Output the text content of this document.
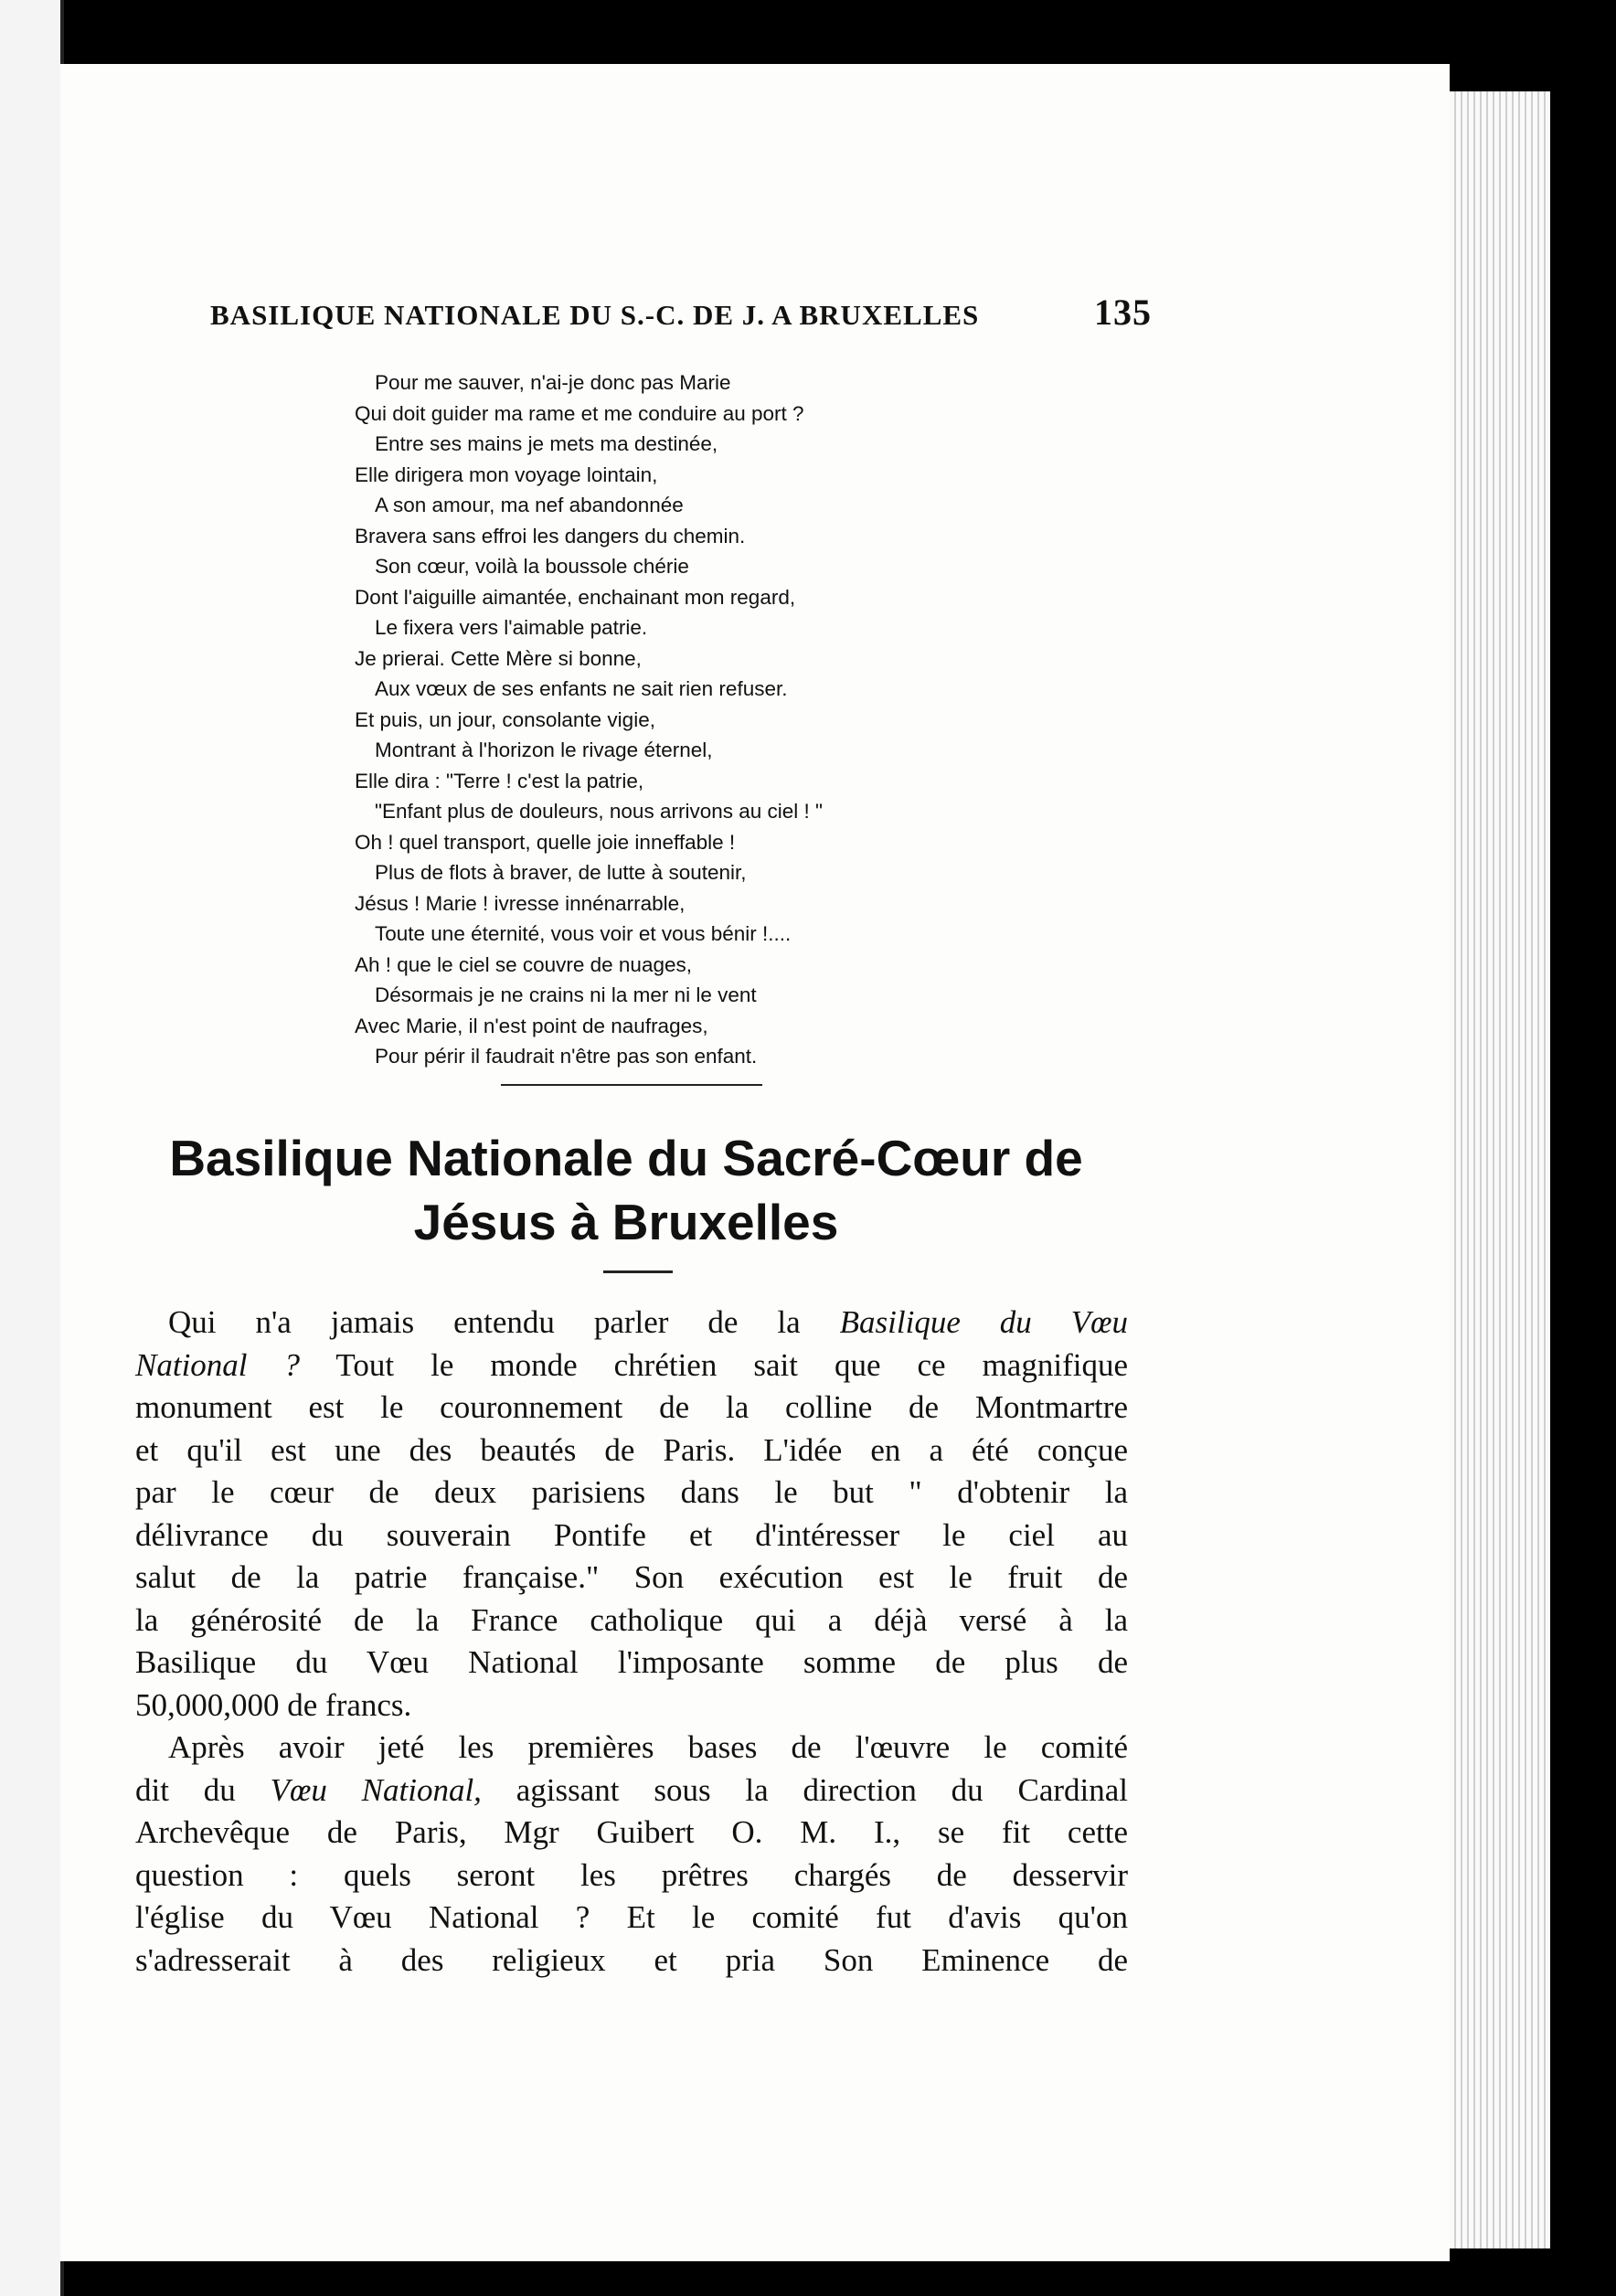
BASILIQUE NATIONALE DU S.-C. DE J. A BRUXELLES	135
Pour me sauver, n'ai-je donc pas Marie
Qui doit guider ma rame et me conduire au port ?
Entre ses mains je mets ma destinée,
Elle dirigera mon voyage lointain,
A son amour, ma nef abandonnée
Bravera sans effroi les dangers du chemin.
Son cœur, voilà la boussole chérie
Dont l'aiguille aimantée, enchainant mon regard,
Le fixera vers l'aimable patrie.
Je prierai. Cette Mère si bonne,
Aux vœux de ses enfants ne sait rien refuser.
Et puis, un jour, consolante vigie,
Montrant à l'horizon le rivage éternel,
Elle dira : "Terre ! c'est la patrie,
"Enfant plus de douleurs, nous arrivons au ciel ! "
Oh ! quel transport, quelle joie inneffable !
Plus de flots à braver, de lutte à soutenir,
Jésus ! Marie ! ivresse innénarrable,
Toute une éternité, vous voir et vous bénir !....
Ah ! que le ciel se couvre de nuages,
Désormais je ne crains ni la mer ni le vent
Avec Marie, il n'est point de naufrages,
Pour périr il faudrait n'être pas son enfant.
Basilique Nationale du Sacré-Cœur de
Jésus à Bruxelles
Qui n'a jamais entendu parler de la Basilique du Vœu
National ? Tout le monde chrétien sait que ce magnifique
monument est le couronnement de la colline de Montmartre
et qu'il est une des beautés de Paris. L'idée en a été conçue
par le cœur de deux parisiens dans le but " d'obtenir la
délivrance du souverain Pontife et d'intéresser le ciel au
salut de la patrie française." Son exécution est le fruit de
la générosité de la France catholique qui a déjà versé à la
Basilique du Vœu National l'imposante somme de plus de
50,000,000 de francs.
Après avoir jeté les premières bases de l'œuvre le comité
dit du Vœu National, agissant sous la direction du Cardinal
Archevêque de Paris, Mgr Guibert O. M. I., se fit cette
question : quels seront les prêtres chargés de desservir
l'église du Vœu National ? Et le comité fut d'avis qu'on
s'adresserait à des religieux et pria Son Eminence de
